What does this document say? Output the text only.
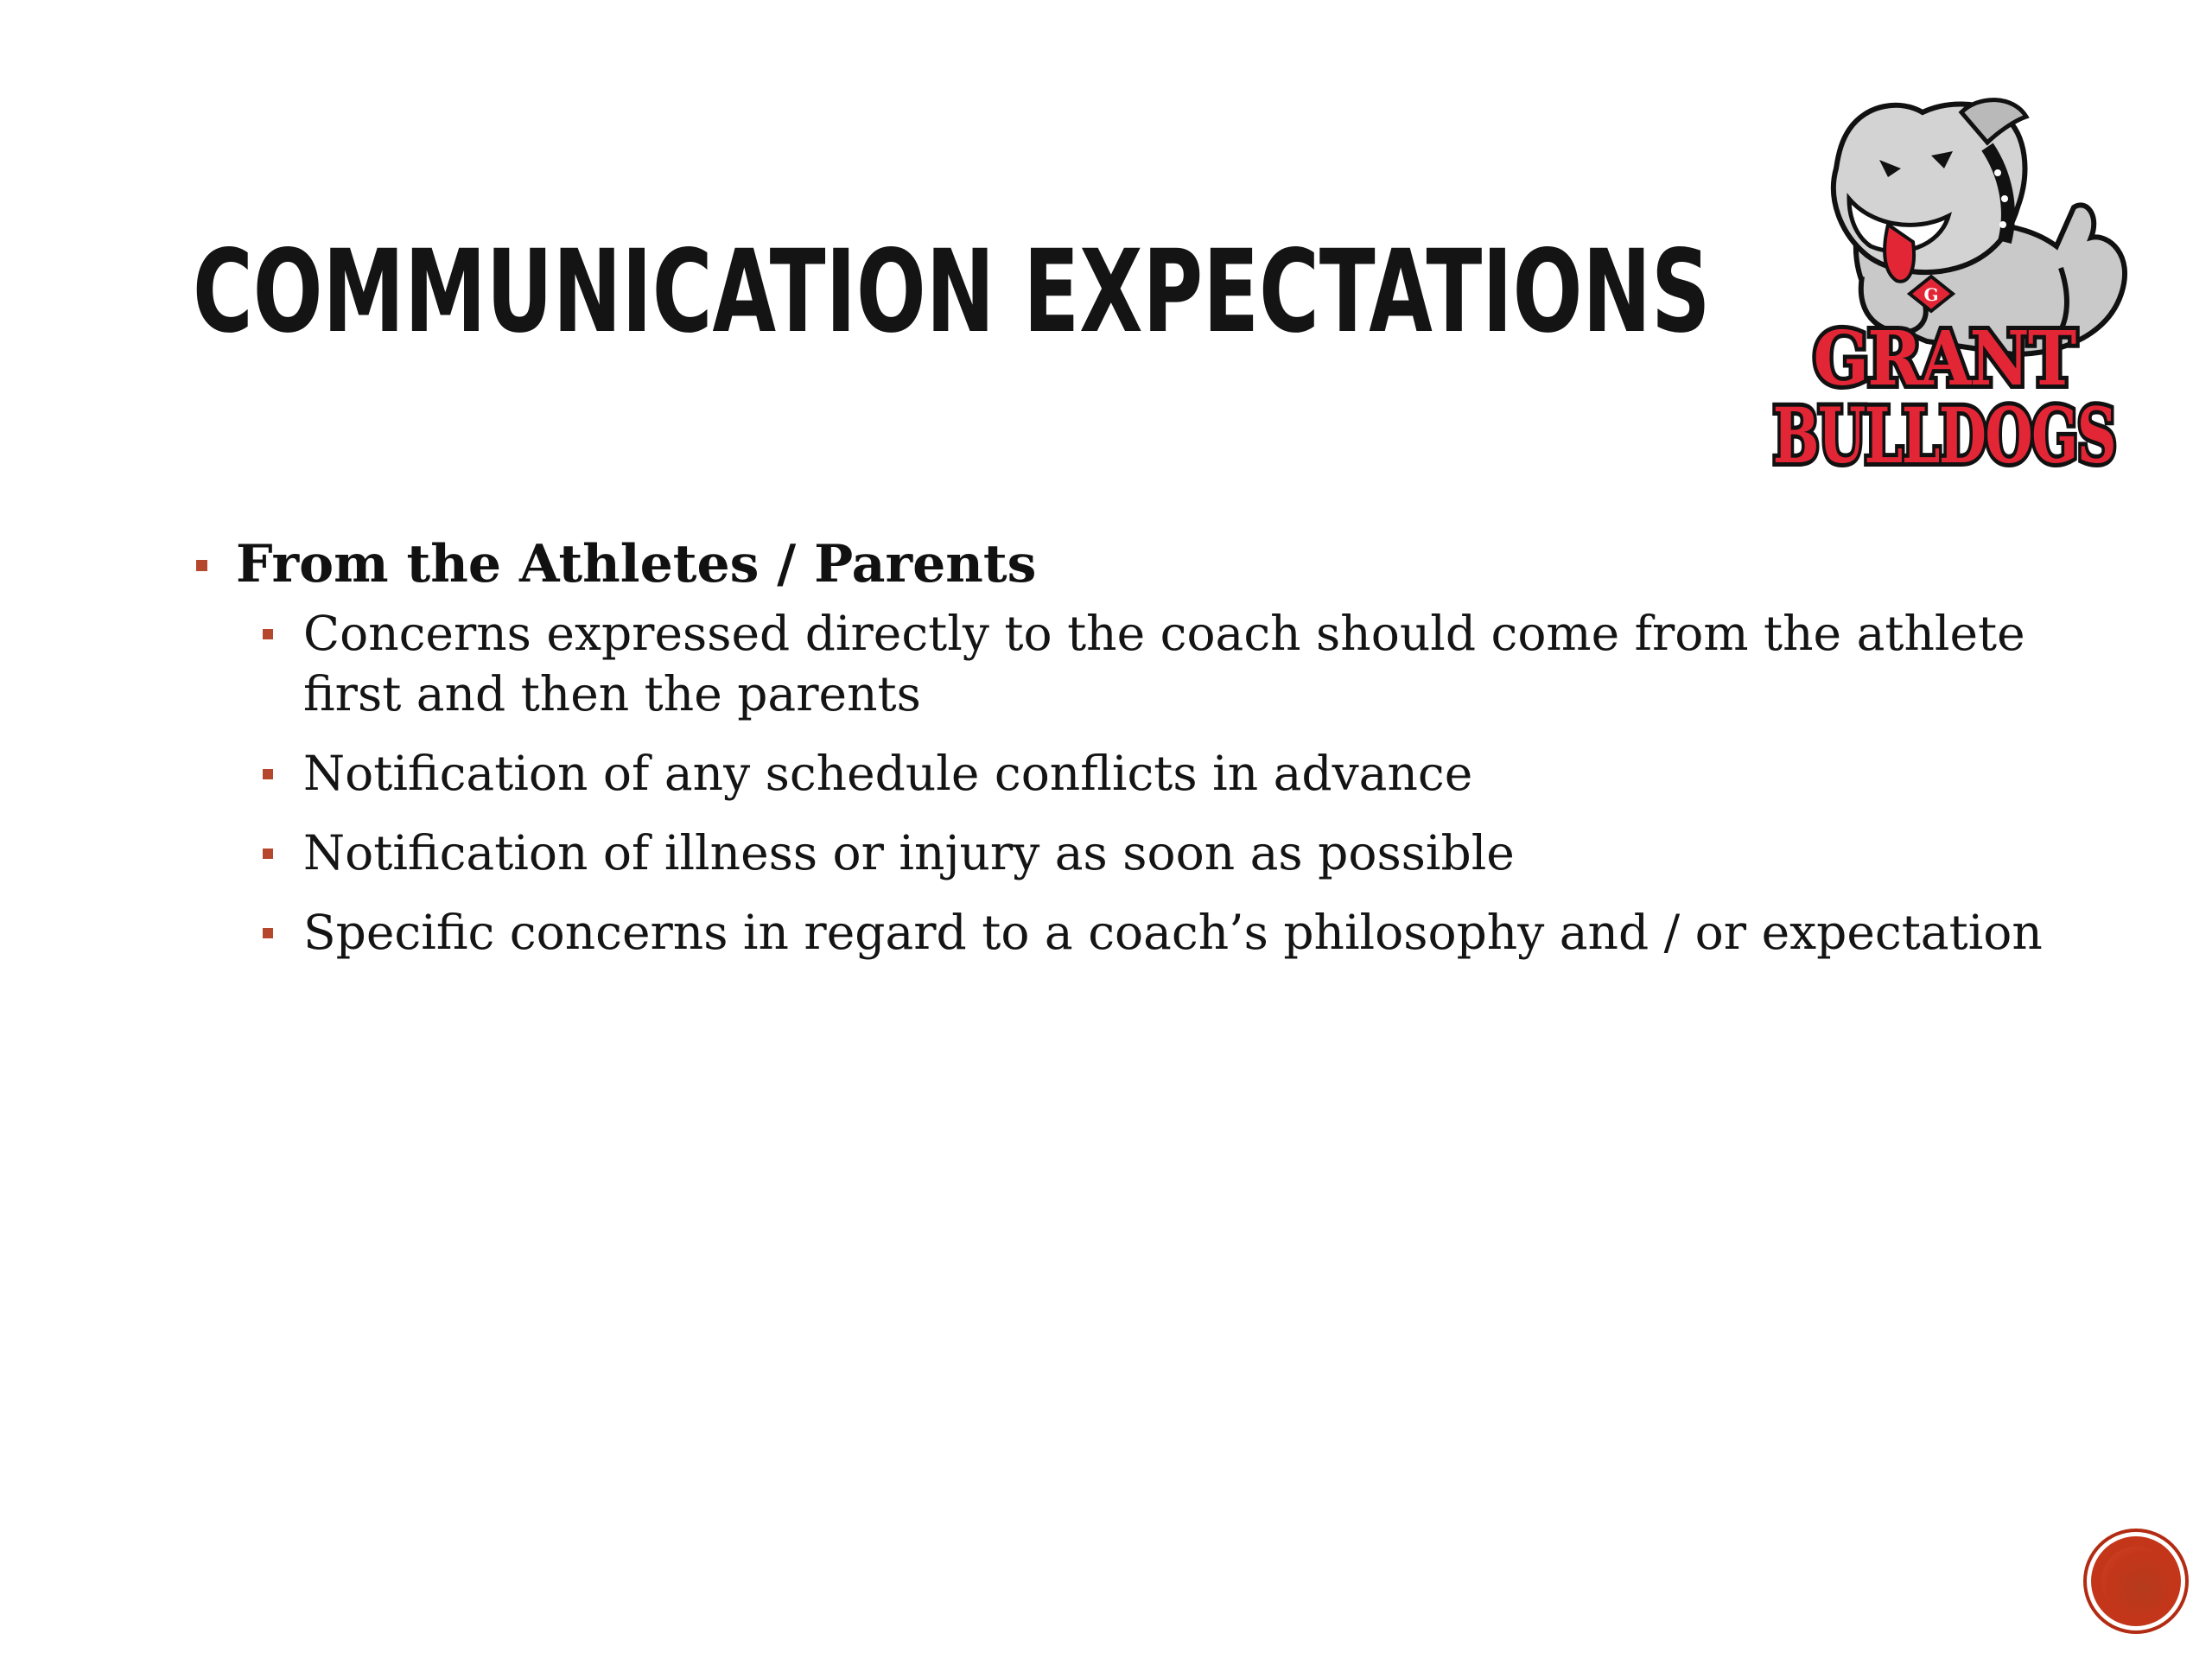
COMMUNICATION EXPECTATIONS	G
GRANT
BULLDOGS
From the Athletes / Parents
Concerns expressed directly to the coach should come from the athlete first and then the parents
Notification of any schedule conflicts in advance
Notification of illness or injury as soon as possible
Specific concerns in regard to a coach’s philosophy and / or expectation
